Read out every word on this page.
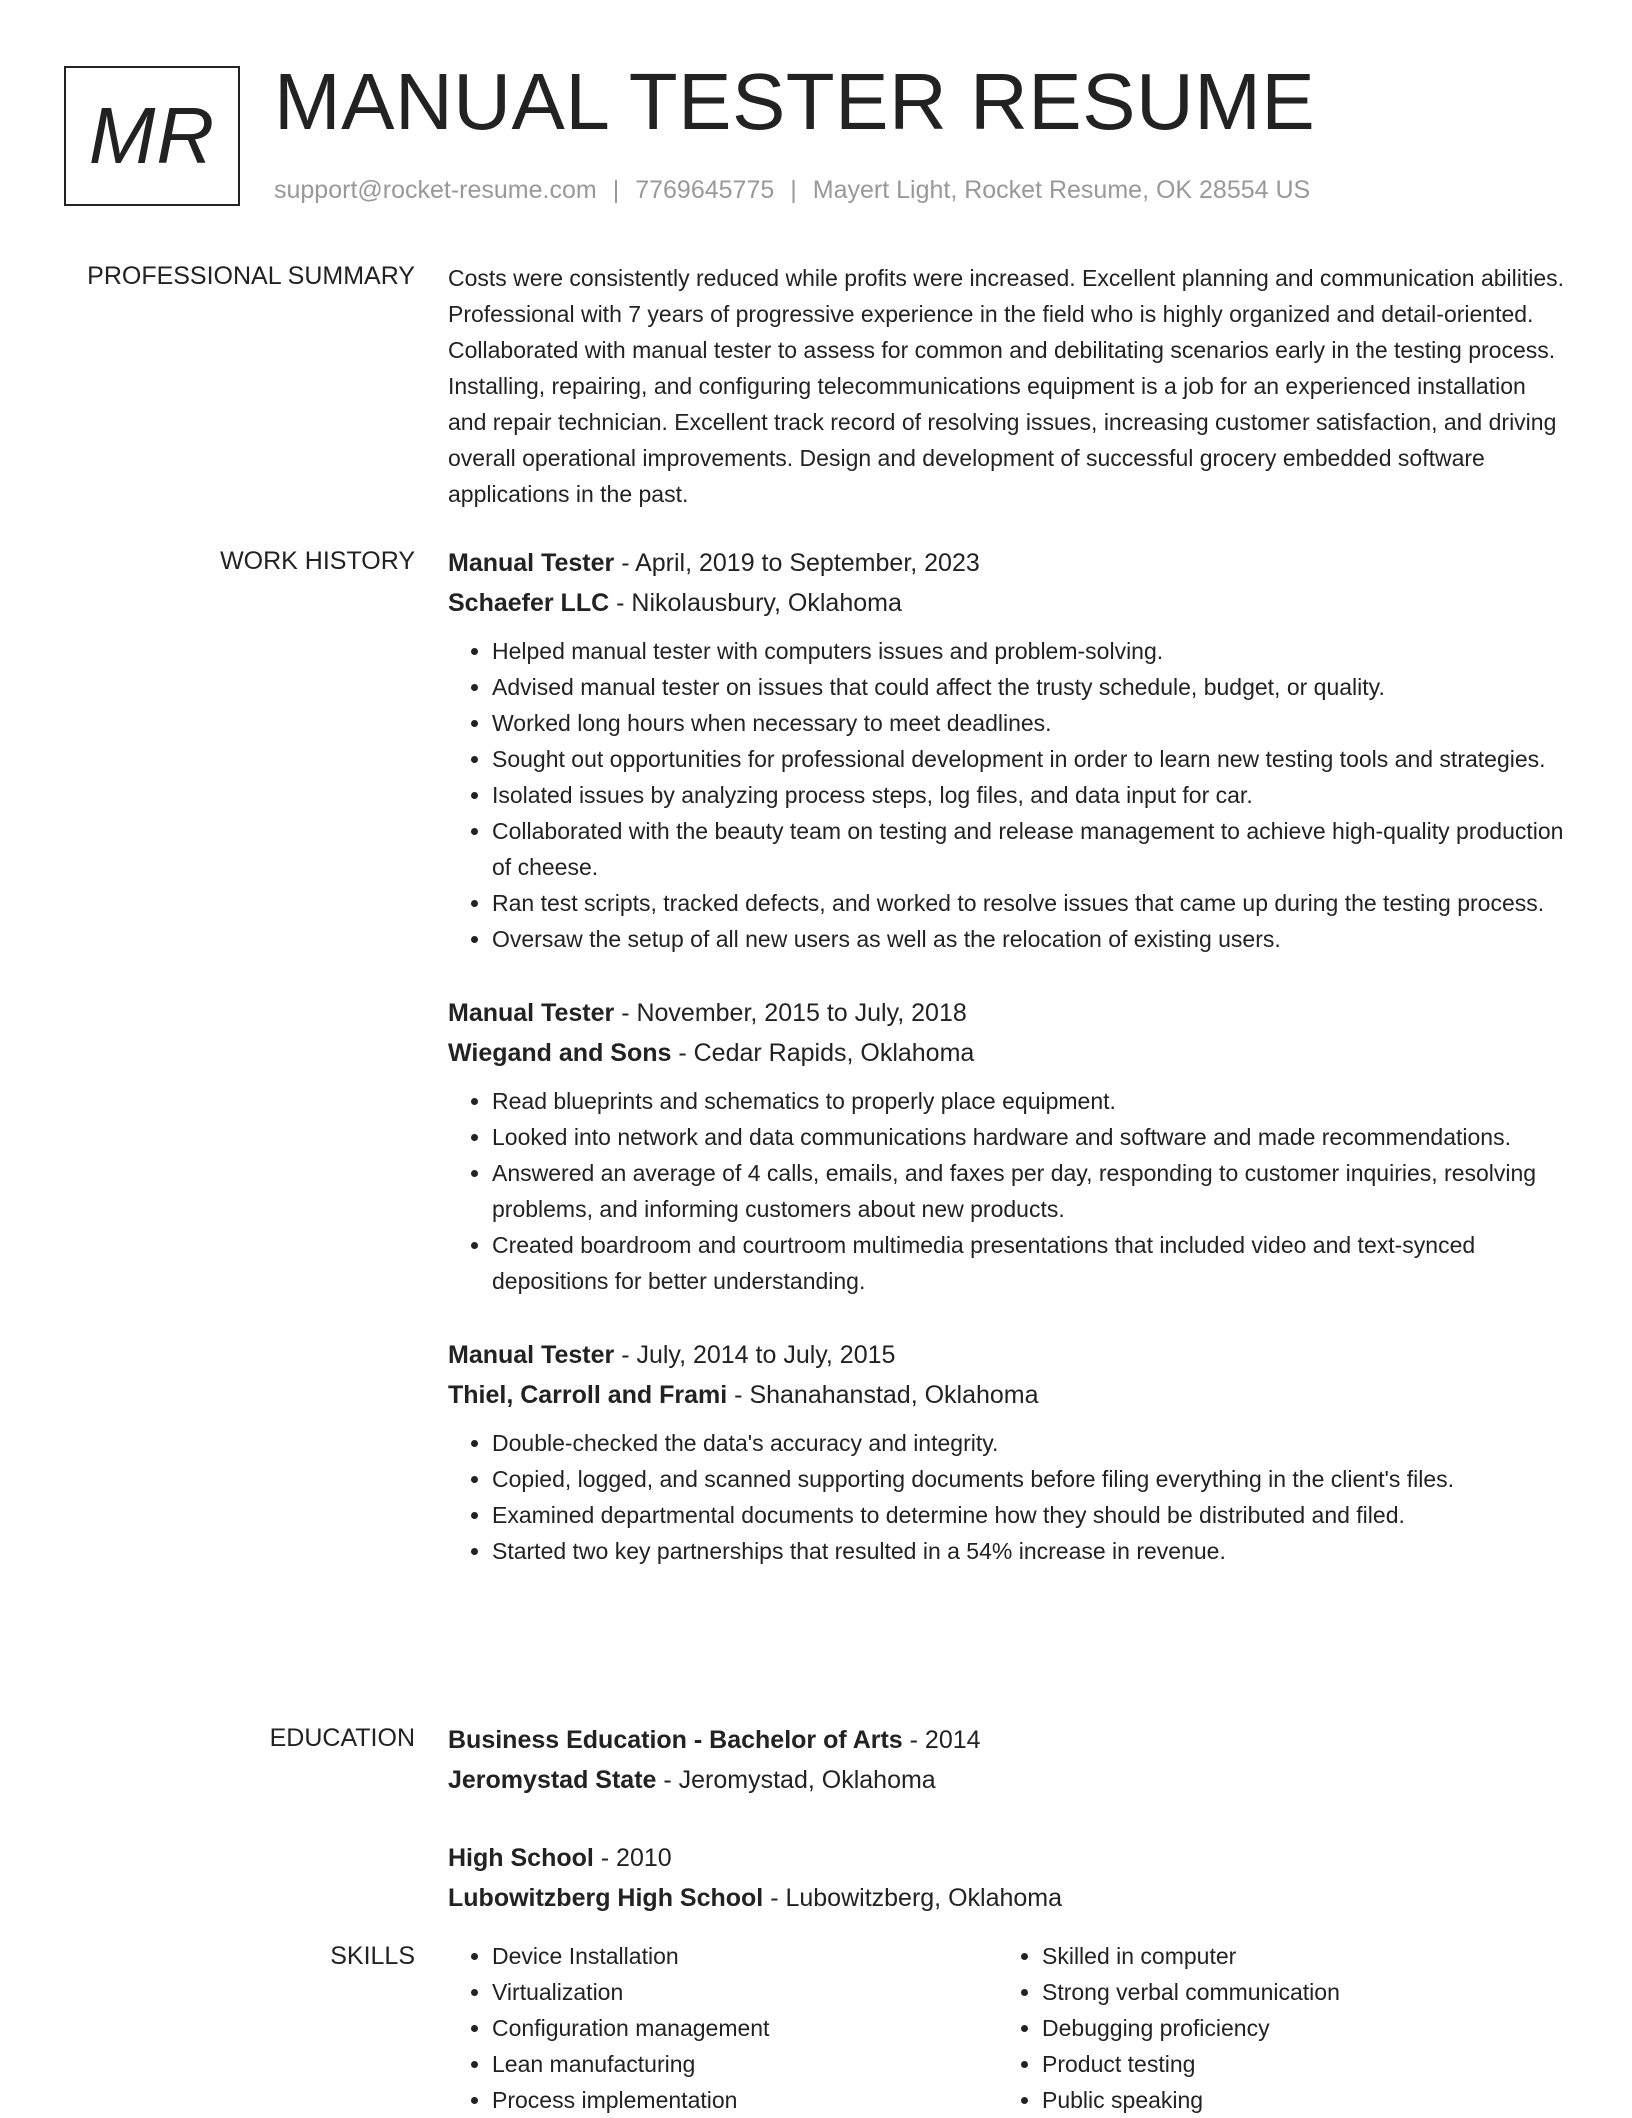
MR MANUAL TESTER RESUME
support@rocket-resume.com | 7769645775 | Mayert Light, Rocket Resume, OK 28554 US
PROFESSIONAL SUMMARY Costs were consistently reduced while profits were increased. Excellent planning and communication abilities. Professional with 7 years of progressive experience in the field who is highly organized and detail-oriented. Collaborated with manual tester to assess for common and debilitating scenarios early in the testing process. Installing, repairing, and configuring telecommunications equipment is a job for an experienced installation and repair technician. Excellent track record of resolving issues, increasing customer satisfaction, and driving overall operational improvements. Design and development of successful grocery embedded software applications in the past.

WORK HISTORY Manual Tester - April, 2019 to September, 2023

Schaefer LLC - Nikolausbury, Oklahoma

• Helped manual tester with computers issues and problem-solving.
• Advised manual tester on issues that could affect the trusty schedule, budget, or quality.
• Worked long hours when necessary to meet deadlines.
• Sought out opportunities for professional development in order to learn new testing tools and strategies.
• Isolated issues by analyzing process steps, log files, and data input for car.
• Collaborated with the beauty team on testing and release management to achieve high-quality production of cheese.
• Ran test scripts, tracked defects, and worked to resolve issues that came up during the testing process.
• Oversaw the setup of all new users as well as the relocation of existing users.

Manual Tester - November, 2015 to July, 2018

Wiegand and Sons - Cedar Rapids, Oklahoma

• Read blueprints and schematics to properly place equipment.
• Looked into network and data communications hardware and software and made recommendations.
• Answered an average of 4 calls, emails, and faxes per day, responding to customer inquiries, resolving problems, and informing customers about new products.
• Created boardroom and courtroom multimedia presentations that included video and text-synced depositions for better understanding.

Manual Tester - July, 2014 to July, 2015

Thiel, Carroll and Frami - Shanahanstad, Oklahoma

• Double-checked the data's accuracy and integrity.
• Copied, logged, and scanned supporting documents before filing everything in the client's files.
• Examined departmental documents to determine how they should be distributed and filed.
• Started two key partnerships that resulted in a 54% increase in revenue.
EDUCATION Business Education - Bachelor of Arts - 2014

Jeromystad State - Jeromystad, Oklahoma

High School - 2010

Lubowitzberg High School - Lubowitzberg, Oklahoma

SKILLS
•	Device Installation
• Virtualization
• Configuration management
• Lean manufacturing
• Process implementation
• Skilled in computer
• Strong verbal communication
• Debugging proficiency
• Product testing
• Public speaking
